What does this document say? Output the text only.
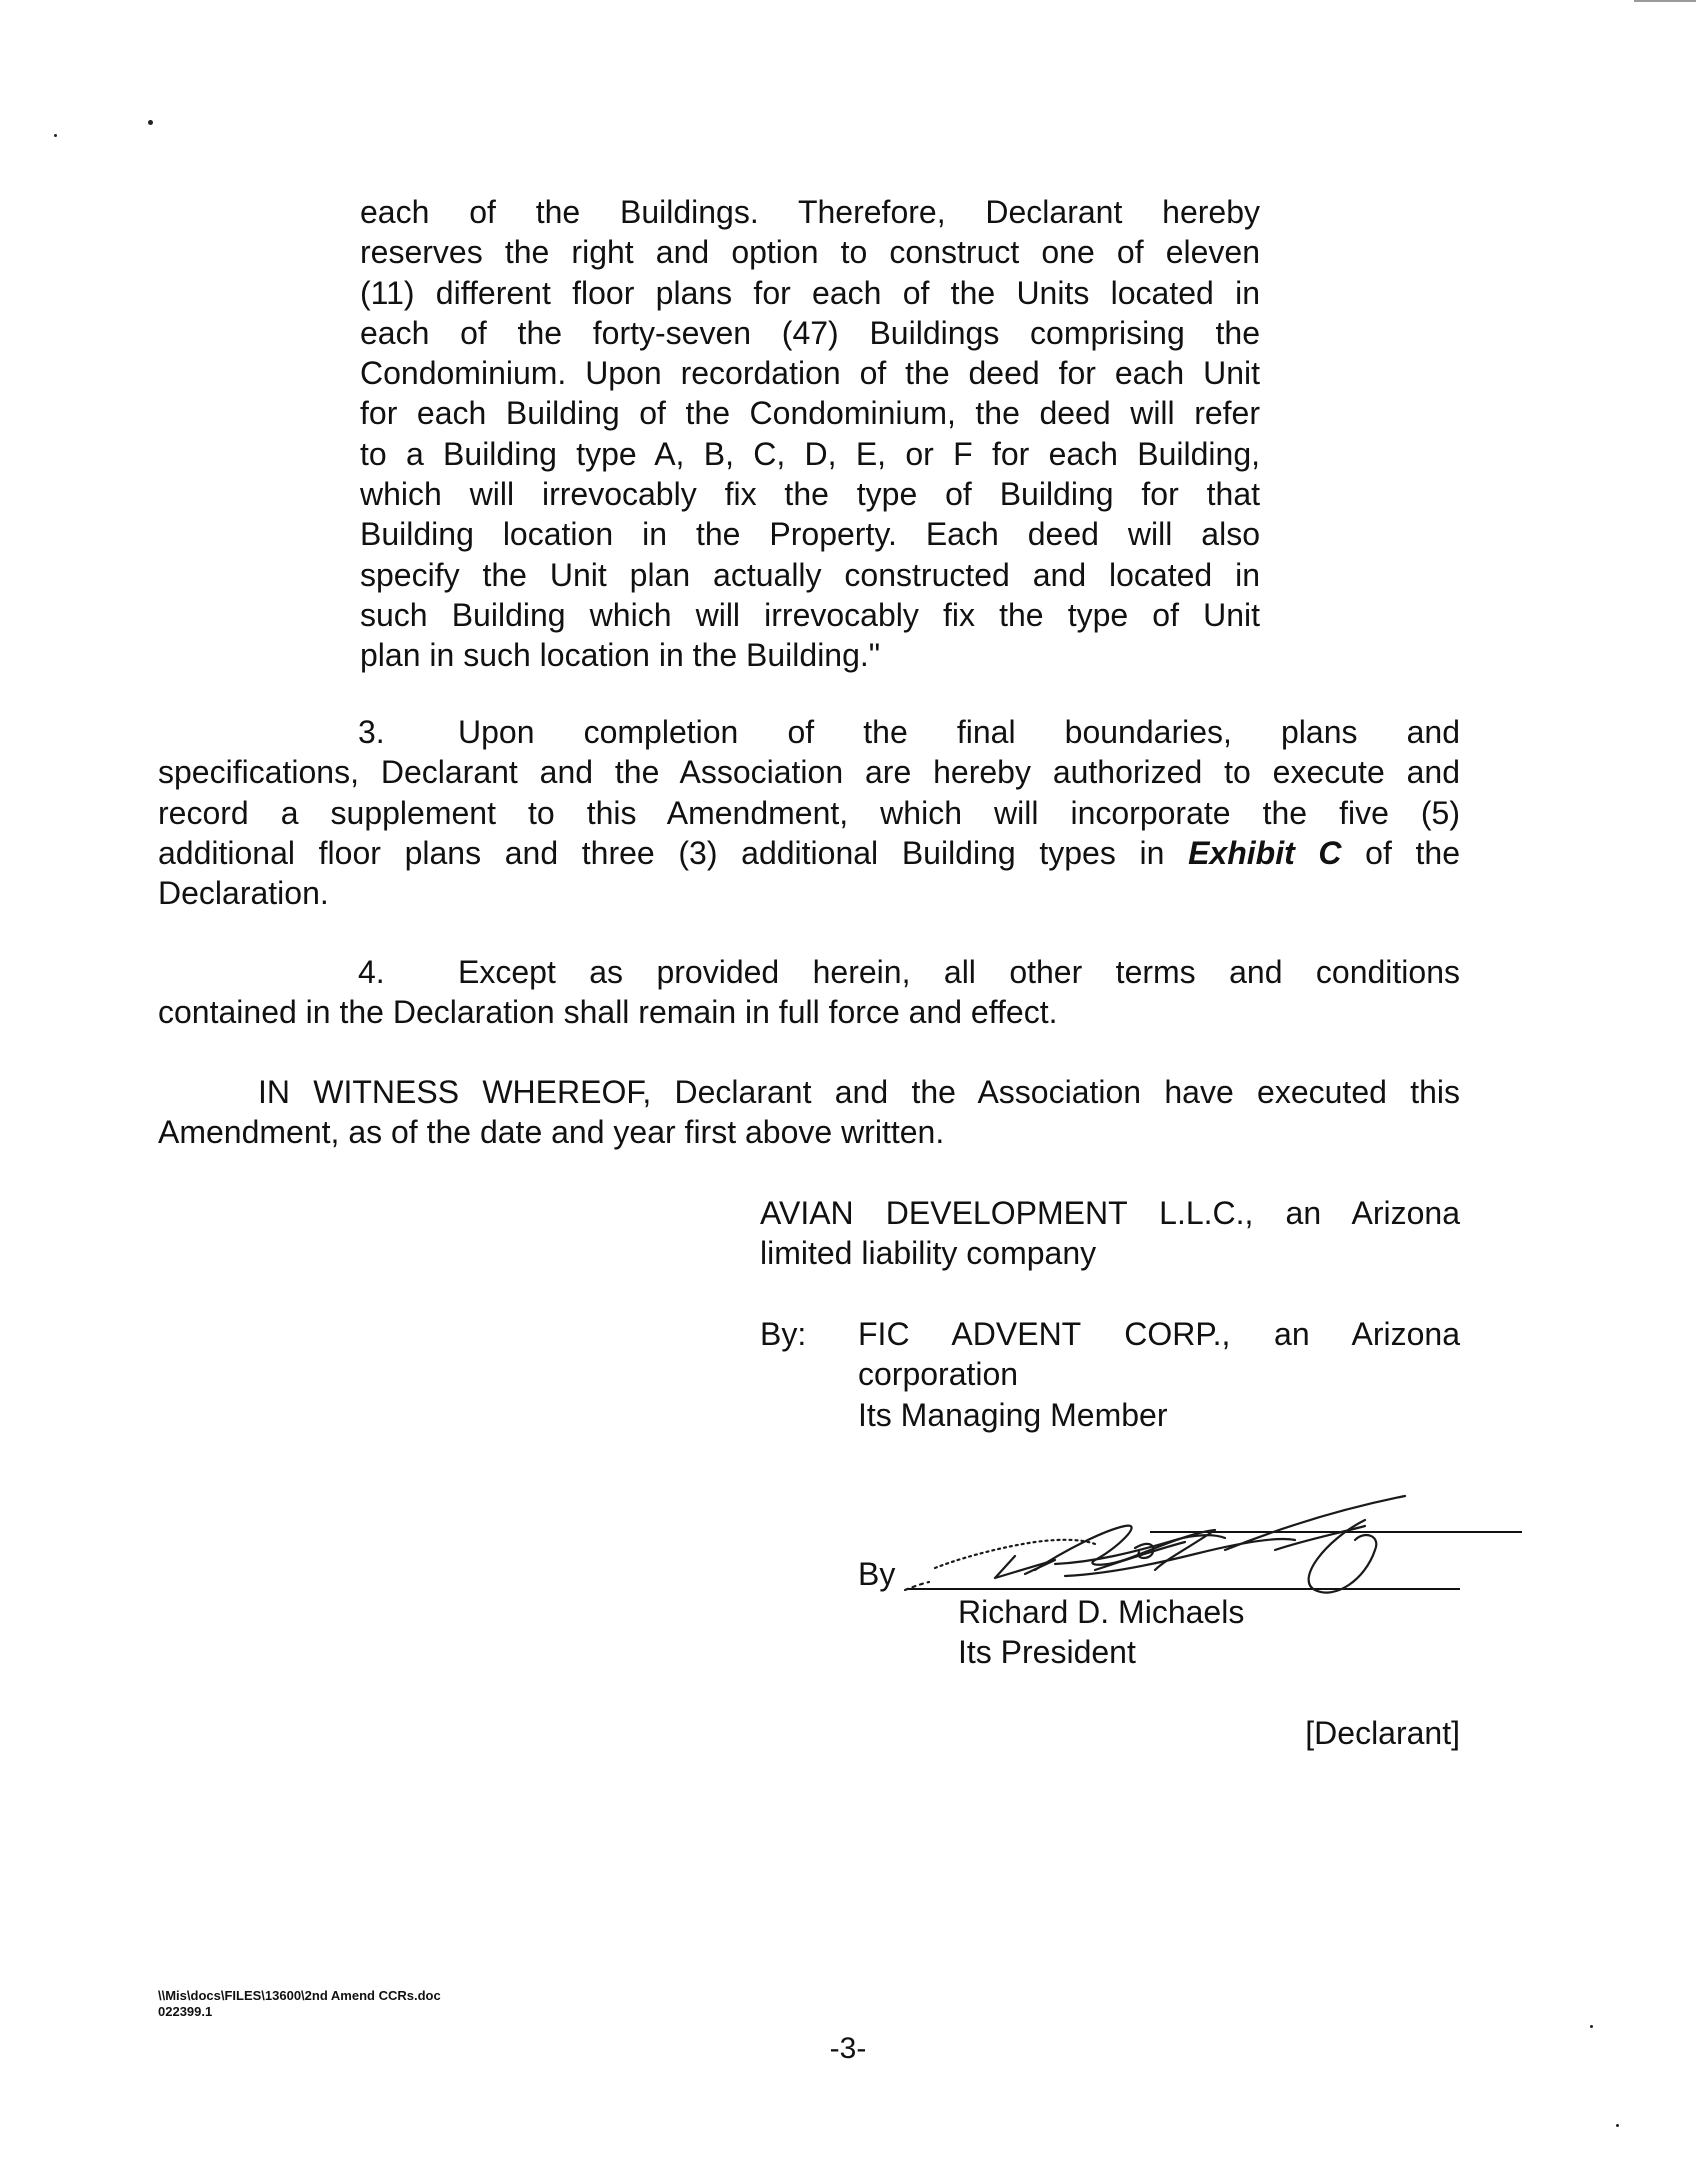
each of the Buildings. Therefore, Declarant hereby
reserves the right and option to construct one of eleven
(11) different floor plans for each of the Units located in
each of the forty-seven (47) Buildings comprising the
Condominium. Upon recordation of the deed for each Unit
for each Building of the Condominium, the deed will refer
to a Building type A, B, C, D, E, or F for each Building,
which will irrevocably fix the type of Building for that
Building location in the Property. Each deed will also
specify the Unit plan actually constructed and located in
such Building which will irrevocably fix the type of Unit
plan in such location in the Building."
3. Upon completion of the final boundaries, plans and
specifications, Declarant and the Association are hereby authorized to execute and
record a supplement to this Amendment, which will incorporate the five (5)
additional floor plans and three (3) additional Building types in Exhibit C of the
Declaration.
4. Except as provided herein, all other terms and conditions
contained in the Declaration shall remain in full force and effect.
IN WITNESS WHEREOF, Declarant and the Association have executed this
Amendment, as of the date and year first above written.
AVIAN DEVELOPMENT L.L.C., an Arizona
limited liability company
By:	FIC ADVENT CORP., an Arizona
corporation
Its Managing Member
By
Richard D. Michaels
Its President
[Declarant]
\\Mis\docs\FILES\13600\2nd Amend CCRs.doc
022399.1
-3-
